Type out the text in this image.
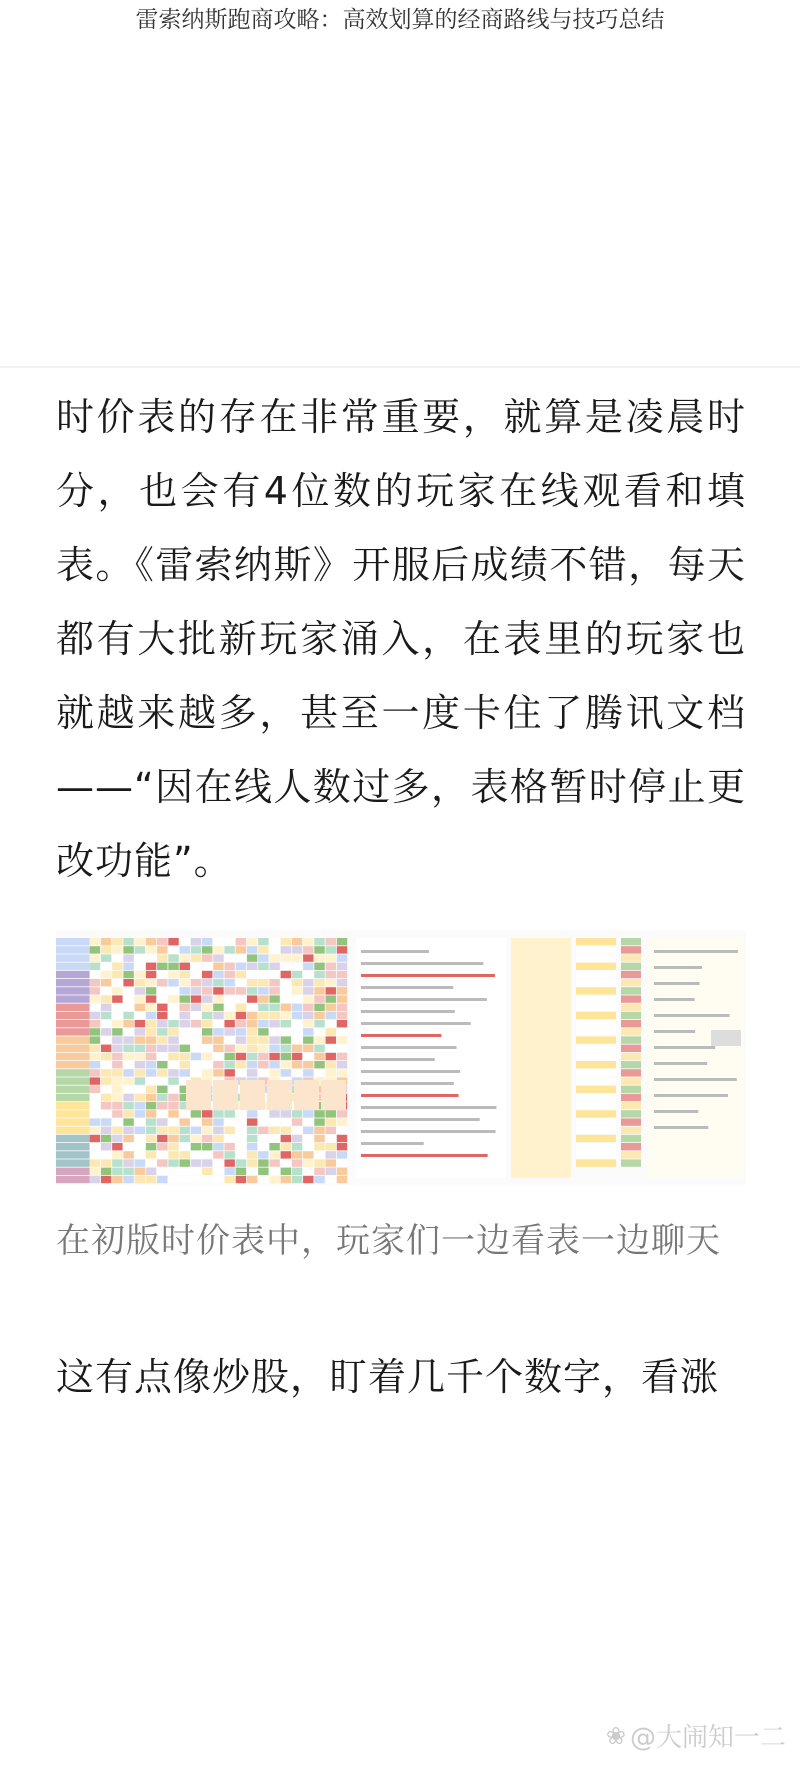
雷索纳斯跑商攻略：高效划算的经商路线与技巧总结

时价表的存在非常重要，就算是凌晨时分，也会有4位数的玩家在线观看和填表。《雷索纳斯》开服后成绩不错，每天都有大批新玩家涌入，在表里的玩家也就越来越多，甚至一度卡住了腾讯文档——“因在线人数过多，表格暂时停止更改功能”。

在初版时价表中，玩家们一边看表一边聊天

这有点像炒股，盯着几千个数字，看涨

❀ @大闹知一二
